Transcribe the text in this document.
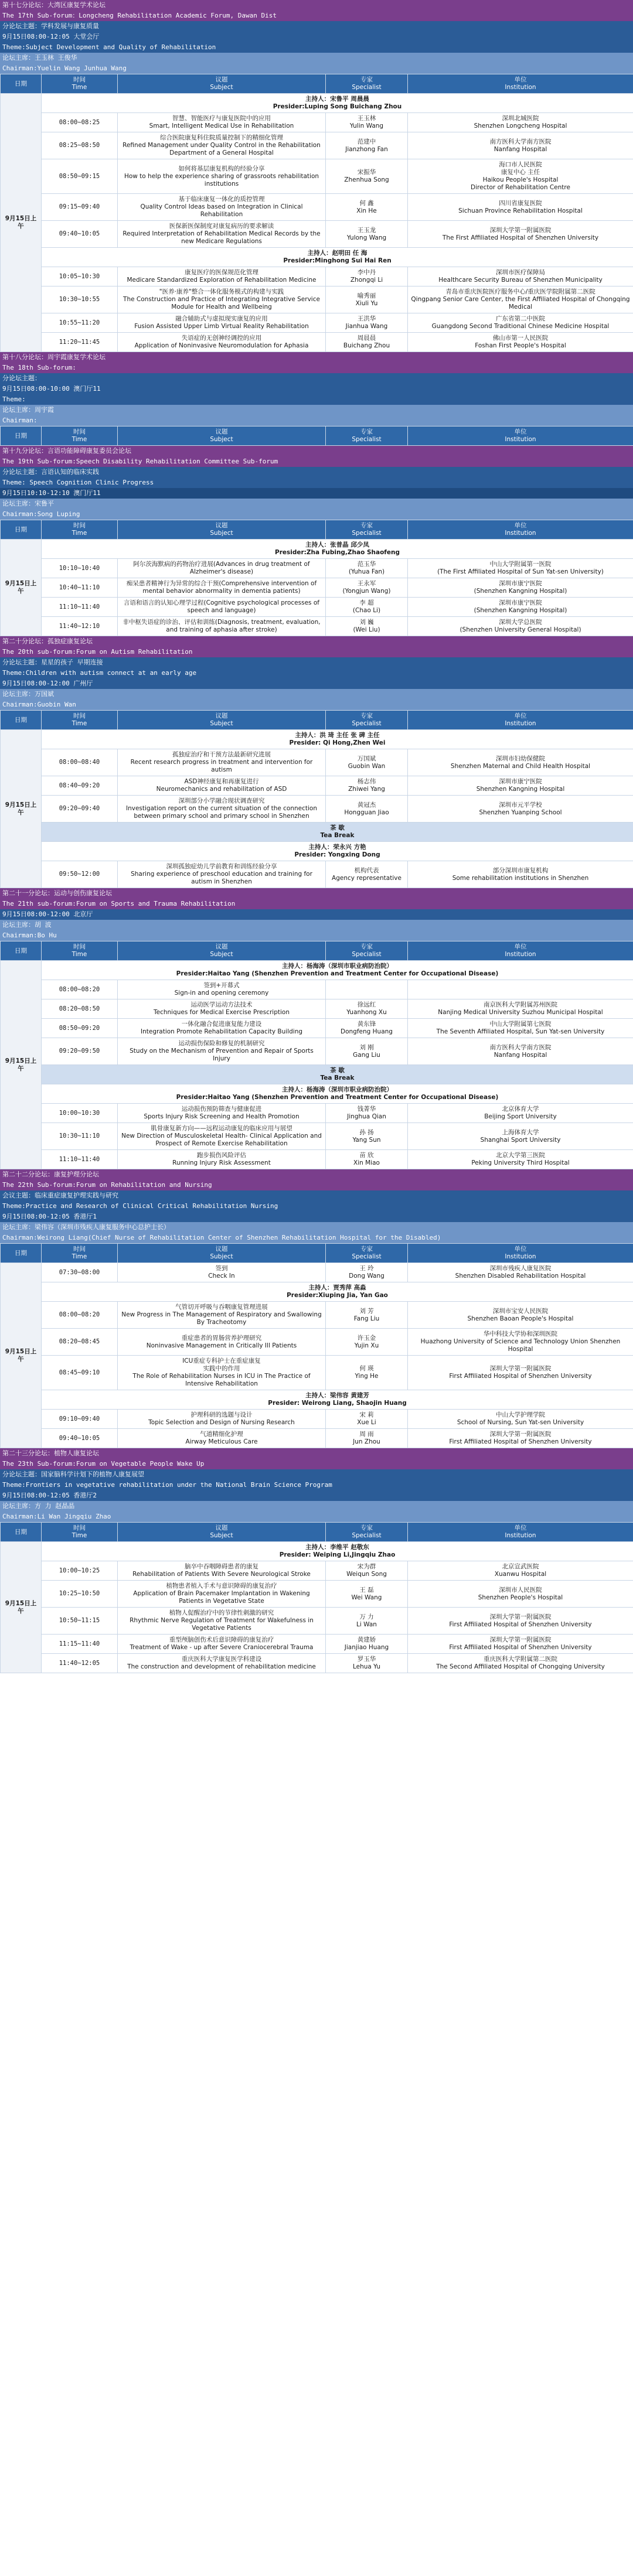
第十七分论坛：大湾区康复学术论坛
The 17th Sub-forum：Longcheng Rehabilitation Academic Forum, Dawan Dist
分论坛主题：学科发展与康复质量
9月15日08:00-12:05 大堂会厅
Theme:Subject Development and Quality of Rehabilitation
论坛主席：王玉林 王俊华
Chairman:Yuelin Wang Junhua Wang
日期	时间
Time	议题
Subject	专家
Specialist	单位
Institution
9月15日上午	主持人：宋鲁平 周晨晨
Presider:Luping Song Buichang Zhou			
	08:00~08:25	智慧、智能医疗与康复医院中的应用
Smart, Intelligent Medical Use in Rehabilitation	王玉林
Yulin Wang	深圳北城医院
Shenzhen Longcheng Hospital
	08:25~08:50	综合医院康复科住院质量控制下的精细化管理
Refined Management under Quality Control in the Rehabilitation Department of a General Hospital	范建中
Jianzhong Fan	南方医科大学南方医院
Nanfang Hospital
	08:50~09:15	如何将基层康复机构的经验分享
How to help the experience sharing of grassroots rehabilitation institutions	宋振华
Zhenhua Song	海口市人民医院
康复中心 主任
Haikou People's Hospital
Director of Rehabilitation Centre
	09:15~09:40	基于临床康复一体化的质控管理
Quality Control Ideas based on Integration in Clinical Rehabilitation	何 鑫
Xin He	四川省康复医院
Sichuan Province Rehabilitation Hospital
	09:40~10:05	医保新医保制度对康复病历的要求解读
Required Interpretation of Rehabilitation Medical Records by the new Medicare Regulations	王玉龙
Yulong Wang	深圳大学第一附属医院
The First Affiliated Hospital of Shenzhen University
	主持人：赵明田 任 海
Presider:Minghong Sui Hai Ren			
	10:05~10:30	康复医疗的医保规范化管理
Medicare Standardized Exploration of Rehabilitation Medicine	李中丹
Zhongqi Li	深圳市医疗保障局
Healthcare Security Bureau of Shenzhen Municipality
	10:30~10:55	"医养·康养"整合一体化服务模式的构建与实践
The Construction and Practice of Integrating Integrative Service Module for Health and Wellbeing	喻秀丽
Xiuli Yu	青岛市重庆医院医疗服务中心/重庆医学院附属第二医院
Qingpang Senior Care Center, the First Affiliated Hospital of Chongqing Medical
	10:55~11:20	融合辅助式与虚拟现实康复的应用
Fusion Assisted Upper Limb Virtual Reality Rehabilitation	王洪华
Jianhua Wang	广东省第二中医院
Guangdong Second Traditional Chinese Medicine Hospital
	11:20~11:45	失语症的无创神经调控的应用
Application of Noninvasive Neuromodulation for Aphasia	周晨晨
Buichang Zhou	佛山市第一人民医院
Foshan First People's Hospital
第十八分论坛：周宇霞康复学术论坛
The 18th Sub-forum:
分论坛主题：
9月15日08:00-10:00 澳门厅11
Theme:
论坛主席：周宇霞
Chairman:
日期	时间
Time	议题
Subject	专家
Specialist	单位
Institution
第十九分论坛：言语功能障碍康复委员会论坛
The 19th Sub-forum:Speech Disability Rehabilitation Committee Sub-forum
分论坛主题：言语认知的临床实践
Theme: Speech Cognition Clinic Progress
9月15日10:10-12:10 澳门厅11
论坛主席：宋鲁平
Chairman:Song Luping
日期	时间
Time	议题
Subject	专家
Specialist	单位
Institution
9月15日上午	主持人：张普晶 邱少凤
Presider:Zha Fubing,Zhao Shaofeng			
	10:10~10:40	阿尔茨海默病的药物治疗进展(Advances in drug treatment of Alzheimer's disease)	范玉华
(Yuhua Fan)	中山大学附属第一医院
(The First Affiliated Hospital of Sun Yat-sen University)
	10:40~11:10	痴呆患者精神行为异常的综合干预(Comprehensive intervention of mental behavior abnormality in dementia patients)	王永军
(Yongjun Wang)	深圳市康宁医院
(Shenzhen Kangning Hospital)
	11:10~11:40	言语和语言的认知心理学过程(Cognitive psychological processes of speech and language)	李 超
(Chao Li)	深圳市康宁医院
(Shenzhen Kangning Hospital)
	11:40~12:10	非中枢失语症的诊治、评估和训练(Diagnosis, treatment, evaluation, and training of aphasia after stroke)	刘 巍
(Wei Liu)	深圳大学总医院
(Shenzhen University General Hospital)
第二十分论坛：孤独症康复论坛
The 20th sub-forum:Forum on Autism Rehabilitation
分论坛主题：星星的孩子 早期连接
Theme:Children with autism connect at an early age
9月15日08:00-12:00 广州厅
论坛主席：万国斌
Chairman:Guobin Wan
日期	时间
Time	议题
Subject	专家
Specialist	单位
Institution
9月15日上午	主持人：洪 琦 主任 张 碑 主任
Presider: Qi Hong,Zhen Wei			
	08:00~08:40	孤独症治疗和干预方法最新研究进展
Recent research progress in treatment and intervention for autism	万国斌
Guobin Wan	深圳市妇幼保健院
Shenzhen Maternal and Child Health Hospital
	08:40~09:20	ASD神经康复和再康复进行
Neuromechanics and rehabilitation of ASD	杨志伟
Zhiwei Yang	深圳市康宁医院
Shenzhen Kangning Hospital
	09:20~09:40	深圳部分小学融合现状调查研究
Investigation report on the current situation of the connection between primary school and primary school in Shenzhen	黄冠杰
Hongguan Jiao	深圳市元平学校
Shenzhen Yuanping School
	茶 歇
Tea Break			
	主持人：荣永兴 方艳
Presider: Yongxing Dong			
	09:50~12:00	深圳孤独症幼儿学前教育和训练经验分享
Sharing experience of preschool education and training for autism in Shenzhen	机构代表
Agency representative	部分深圳市康复机构
Some rehabilitation institutions in Shenzhen
第二十一分论坛：运动与创伤康复论坛
The 21th sub-forum:Forum on Sports and Trauma Rehabilitation
9月15日08:00-12:00 北京厅
论坛主席：胡 波
Chairman:Bo Hu
日期	时间
Time	议题
Subject	专家
Specialist	单位
Institution
9月15日上午	主持人：杨海涛（深圳市职业病防治院）
Presider:Haitao Yang (Shenzhen Prevention and Treatment Center for Occupational Disease)			
	08:00~08:20	签到+开幕式
Sign-in and opening ceremony		
	08:20~08:50	运动医学运动方法技术
Techniques for Medical Exercise Prescription	徐远红
Yuanhong Xu	南京医科大学附属苏州医院
Nanjing Medical University Suzhou Municipal Hospital
	08:50~09:20	一体化融合促进康复能力建设
Integration Promote Rehabilitation Capacity Building	黄东锋
Dongfeng Huang	中山大学附属第七医院
The Seventh Affiliated Hospital, Sun Yat-sen University
	09:20~09:50	运动损伤保险和修复的机制研究
Study on the Mechanism of Prevention and Repair of Sports Injury	刘 刚
Gang Liu	南方医科大学南方医院
Nanfang Hospital
	茶 歇
Tea Break			
	主持人：杨海涛（深圳市职业病防治院）
Presider:Haitao Yang (Shenzhen Prevention and Treatment Center for Occupational Disease)			
	10:00~10:30	运动损伤预防筛查与健康促进
Sports Injury Risk Screening and Health Promotion	钱菁华
Jinghua Qian	北京体育大学
Beijing Sport University
	10:30~11:10	肌骨康复新方向——远程运动康复的临床应用与展望
New Direction of Musculoskeletal Health- Clinical Application and Prospect of Remote Exercise Rehabilitation	孙 扬
Yang Sun	上海体育大学
Shanghai Sport University
	11:10~11:40	跑步损伤风险评估
Running Injury Risk Assessment	苗 欣
Xin Miao	北京大学第三医院
Peking University Third Hospital
第二十二分论坛：康复护理分论坛
The 22th Sub-forum:Forum on Rehabilitation and Nursing
会议主题：临床重症康复护理实践与研究
Theme:Practice and Research of Clinical Critical Rehabilitation Nursing
9月15日08:00-12:05 香港厅1
论坛主席：梁伟容（深圳市残疾人康复服务中心总护士长）
Chairman:Weirong Liang(Chief Nurse of Rehabilitation Center of Shenzhen Rehabilitation Hospital for the Disabled)
日期	时间
Time	议题
Subject	专家
Specialist	单位
Institution
9月15日上午	07:30~08:00	签到
Check In	王 玲
Dong Wang	深圳市残疾人康复医院
Shenzhen Disabled Rehabilitation Hospital
	主持人：贾秀萍 高淼
Presider:Xiuping Jia, Yan Gao			
	08:00~08:20	气管切开呼吸与吞咽康复管理进展
New Progress in The Management of Respiratory and Swallowing By Tracheotomy	刘 芳
Fang Liu	深圳市宝安人民医院
Shenzhen Baoan People's Hospital
	08:20~08:45	重症患者的胃肠营养护理研究
Noninvasive Management in Critically Ill Patients	许玉金
Yujin Xu	华中科技大学协和深圳医院
Huazhong University of Science and Technology Union Shenzhen Hospital
	08:45~09:10	ICU重症专科护士在重症康复
实践中的作用
The Role of Rehabilitation Nurses in ICU in The Practice of Intensive Rehabilitation	何 瑛
Ying He	深圳大学第一附属医院
First Affiliated Hospital of Shenzhen University
	主持人：梁伟容 黄建芳
Presider: Weirong Liang, Shaojin Huang			
	09:10~09:40	护理科研的选题与设计
Topic Selection and Design of Nursing Research	宋 莉
Xue Li	中山大学护理学院
School of Nursing, Sun Yat-sen University
	09:40~10:05	气道精细化护理
Airway Meticulous Care	周 雨
Jun Zhou	深圳大学第一附属医院
First Affiliated Hospital of Shenzhen University
第二十三分论坛：植物人康复论坛
The 23th Sub-forum:Forum on Vegetable People Wake Up
分论坛主题：国家脑科学计划下的植物人康复展望
Theme:Frontiers in vegetative rehabilitation under the National Brain Science Program
9月15日08:00-12:05 香港厅2
论坛主席：方 力 赵晶晶
Chairman:Li Wan Jingqiu Zhao
日期	时间
Time	议题
Subject	专家
Specialist	单位
Institution
9月15日上午	主持人：李维平 赵敬东
Presider: Weiping Li,Jingqiu Zhao			
	10:00~10:25	脑卒中吞咽障碍患者的康复
Rehabilitation of Patients With Severe Neurological Stroke	宋为群
Weiqun Song	北京宣武医院
Xuanwu Hospital
	10:25~10:50	植物患者植入手术与意识障碍的康复治疗
Application of Brain Pacemaker Implantation in Wakening Patients in Vegetative State	王 磊
Wei Wang	深圳市人民医院
Shenzhen People's Hospital
	10:50~11:15	植物人促醒治疗中的节律性刺激的研究
Rhythmic Nerve Regulation of Treatment for Wakefulness in Vegetative Patients	万 力
Li Wan	深圳大学第一附属医院
First Affiliated Hospital of Shenzhen University
	11:15~11:40	重型颅脑创伤术后意识障碍的康复治疗
Treatment of Wake - up after Severe Craniocerebral Trauma	黄建娇
Jianjiao Huang	深圳大学第一附属医院
First Affiliated Hospital of Shenzhen University
	11:40~12:05	重庆医科大学康复医学科建设
The construction and development of rehabilitation medicine	罗玉华
Lehua Yu	重庆医科大学附属第二医院
The Second Affiliated Hospital of Chongqing University
